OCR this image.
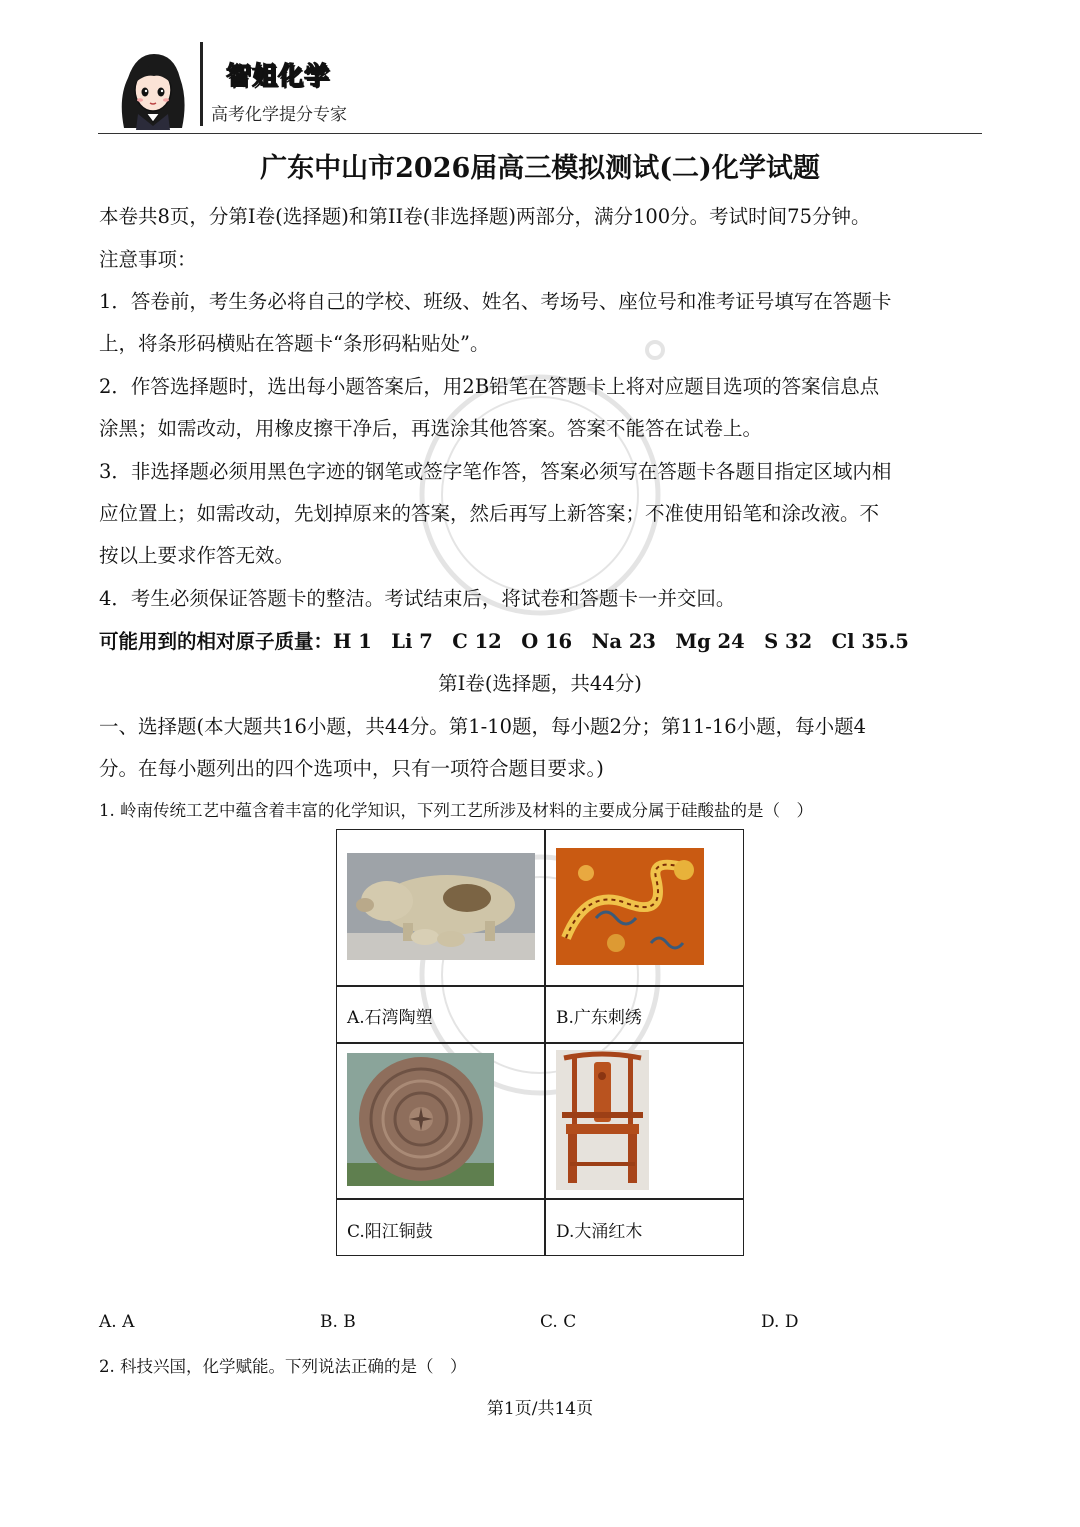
智姐化学
高考化学提分专家
广东中山市2026届高三模拟测试(二)化学试题
本卷共8页，分第I卷(选择题)和第II卷(非选择题)两部分，满分100分。考试时间75分钟。
注意事项：
1．答卷前，考生务必将自己的学校、班级、姓名、考场号、座位号和准考证号填写在答题卡
上，将条形码横贴在答题卡“条形码粘贴处”。
2．作答选择题时，选出每小题答案后，用2B铅笔在答题卡上将对应题目选项的答案信息点
涂黑；如需改动，用橡皮擦干净后，再选涂其他答案。答案不能答在试卷上。
3．非选择题必须用黑色字迹的钢笔或签字笔作答，答案必须写在答题卡各题目指定区域内相
应位置上；如需改动，先划掉原来的答案，然后再写上新答案；不准使用铅笔和涂改液。不
按以上要求作答无效。
4．考生必须保证答题卡的整洁。考试结束后，将试卷和答题卡一并交回。
可能用到的相对原子质量：H 1　Li 7　C 12　O 16　Na 23　Mg 24　S 32　Cl 35.5
第I卷(选择题，共44分)
一、选择题(本大题共16小题，共44分。第1-10题，每小题2分；第11-16小题，每小题4
分。在每小题列出的四个选项中，只有一项符合题目要求。)
1. 岭南传统工艺中蕴含着丰富的化学知识，下列工艺所涉及材料的主要成分属于硅酸盐的是（　）
A.石湾陶塑	B.广东刺绣
C.阳江铜鼓	D.大涌红木
A. A	B. B	C. C	D. D
2. 科技兴国，化学赋能。下列说法正确的是（　）
第1页/共14页
